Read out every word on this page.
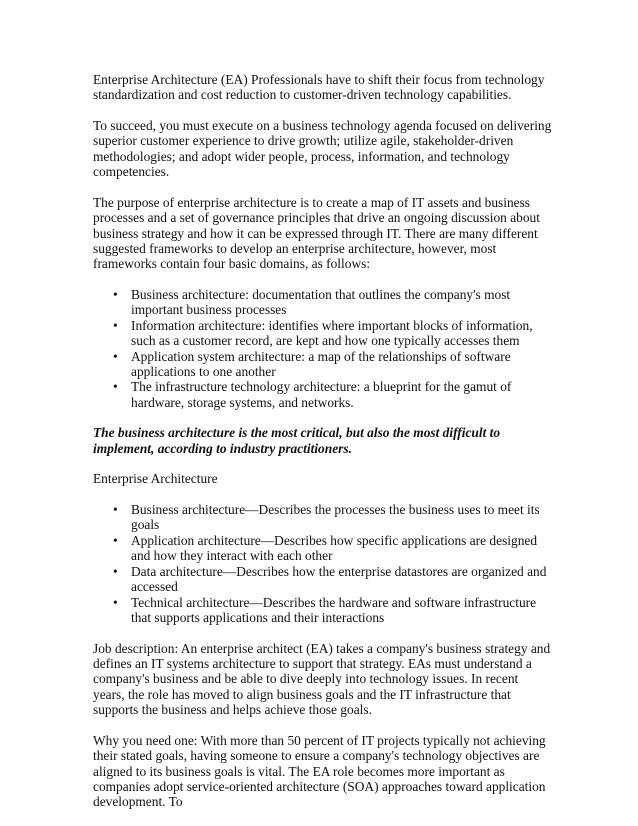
Enterprise Architecture (EA) Professionals have to shift their focus from technology standardization and cost reduction to customer-driven technology capabilities.

To succeed, you must execute on a business technology agenda focused on delivering superior customer experience to drive growth; utilize agile, stakeholder-driven methodologies; and adopt wider people, process, information, and technology competencies.

The purpose of enterprise architecture is to create a map of IT assets and business processes and a set of governance principles that drive an ongoing discussion about business strategy and how it can be expressed through IT. There are many different suggested frameworks to develop an enterprise architecture, however, most frameworks contain four basic domains, as follows:

• Business architecture: documentation that outlines the company's most important business processes
• Information architecture: identifies where important blocks of information, such as a customer record, are kept and how one typically accesses them
• Application system architecture: a map of the relationships of software applications to one another
• The infrastructure technology architecture: a blueprint for the gamut of hardware, storage systems, and networks.

The business architecture is the most critical, but also the most difficult to implement, according to industry practitioners.

Enterprise Architecture

• Business architecture—Describes the processes the business uses to meet its goals
• Application architecture—Describes how specific applications are designed and how they interact with each other
• Data architecture—Describes how the enterprise datastores are organized and accessed
• Technical architecture—Describes the hardware and software infrastructure that supports applications and their interactions

Job description: An enterprise architect (EA) takes a company's business strategy and defines an IT systems architecture to support that strategy. EAs must understand a company's business and be able to dive deeply into technology issues. In recent years, the role has moved to align business goals and the IT infrastructure that supports the business and helps achieve those goals.

Why you need one: With more than 50 percent of IT projects typically not achieving their stated goals, having someone to ensure a company's technology objectives are aligned to its business goals is vital. The EA role becomes more important as companies adopt service-oriented architecture (SOA) approaches toward application development. To
